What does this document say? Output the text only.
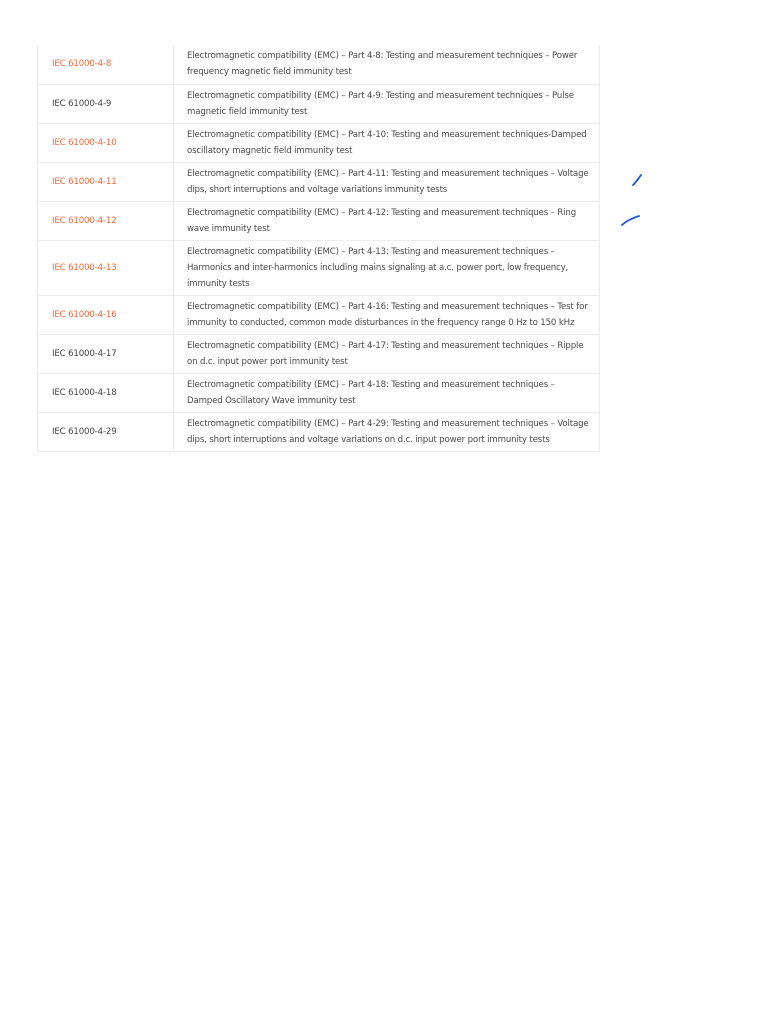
IEC 61000-4-8	Electromagnetic compatibility (EMC) – Part 4-8: Testing and measurement techniques – Power frequency magnetic field immunity test
IEC 61000-4-9	Electromagnetic compatibility (EMC) – Part 4-9: Testing and measurement techniques – Pulse magnetic field immunity test
IEC 61000-4-10	Electromagnetic compatibility (EMC) – Part 4-10: Testing and measurement techniques-Damped oscillatory magnetic field immunity test
IEC 61000-4-11	Electromagnetic compatibility (EMC) – Part 4-11: Testing and measurement techniques – Voltage dips, short interruptions and voltage variations immunity tests
IEC 61000-4-12	Electromagnetic compatibility (EMC) – Part 4-12: Testing and measurement techniques – Ring wave immunity test
IEC 61000-4-13	Electromagnetic compatibility (EMC) – Part 4-13: Testing and measurement techniques – Harmonics and inter-harmonics including mains signaling at a.c. power port, low frequency, immunity tests
IEC 61000-4-16	Electromagnetic compatibility (EMC) – Part 4-16: Testing and measurement techniques – Test for immunity to conducted, common mode disturbances in the frequency range 0 Hz to 150 kHz
IEC 61000-4-17	Electromagnetic compatibility (EMC) – Part 4-17: Testing and measurement techniques – Ripple on d.c. input power port immunity test
IEC 61000-4-18	Electromagnetic compatibility (EMC) – Part 4-18: Testing and measurement techniques – Damped Oscillatory Wave immunity test
IEC 61000-4-29	Electromagnetic compatibility (EMC) – Part 4-29: Testing and measurement techniques – Voltage dips, short interruptions and voltage variations on d.c. input power port immunity tests
